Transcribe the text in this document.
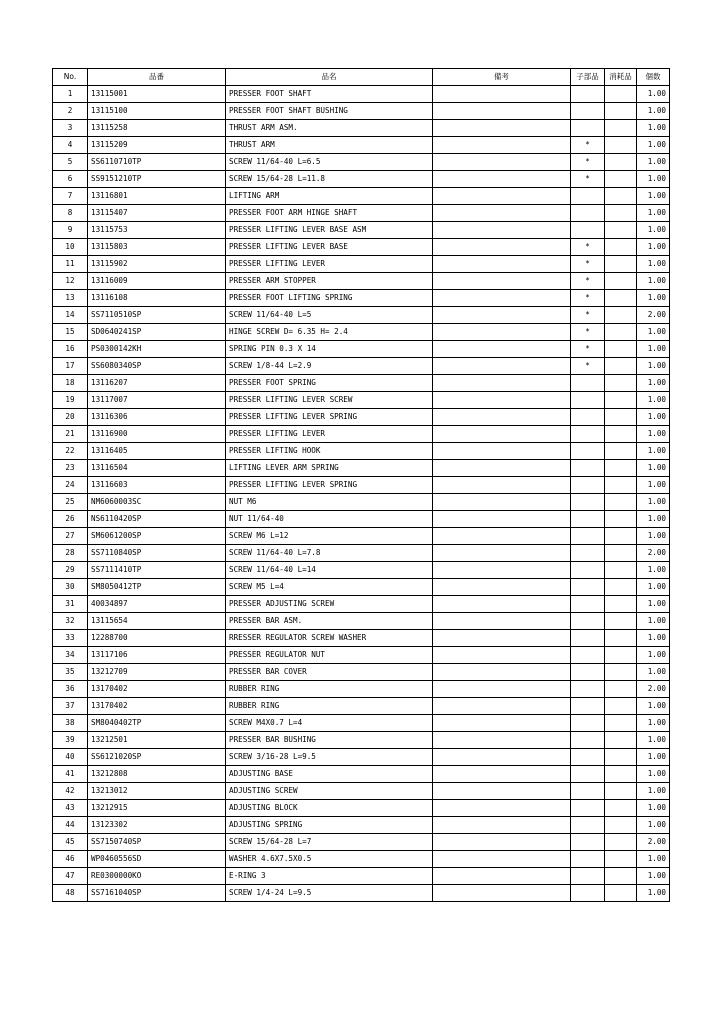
No.	品番	品名	備考	子部品	消耗品	個数
1	13115001	PRESSER FOOT SHAFT				1.00
2	13115100	PRESSER FOOT SHAFT BUSHING				1.00
3	13115258	THRUST ARM ASM.				1.00
4	13115209	THRUST ARM		*		1.00
5	SS6110710TP	SCREW 11/64-40 L=6.5		*		1.00
6	SS9151210TP	SCREW 15/64-28 L=11.8		*		1.00
7	13116801	LIFTING ARM				1.00
8	13115407	PRESSER FOOT ARM HINGE SHAFT				1.00
9	13115753	PRESSER LIFTING LEVER BASE ASM				1.00
10	13115803	PRESSER LIFTING LEVER BASE		*		1.00
11	13115902	PRESSER LIFTING LEVER		*		1.00
12	13116009	PRESSER ARM STOPPER		*		1.00
13	13116108	PRESSER FOOT LIFTING SPRING		*		1.00
14	SS7110510SP	SCREW 11/64-40 L=5		*		2.00
15	SD0640241SP	HINGE SCREW D= 6.35 H= 2.4		*		1.00
16	PS0300142KH	SPRING PIN 0.3 X 14		*		1.00
17	SS6080340SP	SCREW 1/8-44 L=2.9		*		1.00
18	13116207	PRESSER FOOT SPRING				1.00
19	13117007	PRESSER LIFTING LEVER SCREW				1.00
20	13116306	PRESSER LIFTING LEVER SPRING				1.00
21	13116900	PRESSER LIFTING LEVER				1.00
22	13116405	PRESSER LIFTING HOOK				1.00
23	13116504	LIFTING LEVER ARM SPRING				1.00
24	13116603	PRESSER LIFTING LEVER SPRING				1.00
25	NM6060003SC	NUT M6				1.00
26	NS6110420SP	NUT 11/64-40				1.00
27	SM6061200SP	SCREW M6 L=12				1.00
28	SS7110840SP	SCREW 11/64-40 L=7.8				2.00
29	SS7111410TP	SCREW 11/64-40 L=14				1.00
30	SM8050412TP	SCREW M5 L=4				1.00
31	40034897	PRESSER ADJUSTING SCREW				1.00
32	13115654	PRESSER BAR ASM.				1.00
33	12288700	RRESSER REGULATOR SCREW WASHER				1.00
34	13117106	PRESSER REGULATOR NUT				1.00
35	13212709	PRESSER BAR COVER				1.00
36	13170402	RUBBER RING				2.00
37	13170402	RUBBER RING				1.00
38	SM8040402TP	SCREW M4X0.7 L=4				1.00
39	13212501	PRESSER BAR BUSHING				1.00
40	SS6121020SP	SCREW 3/16-28 L=9.5				1.00
41	13212808	ADJUSTING BASE				1.00
42	13213012	ADJUSTING SCREW				1.00
43	13212915	ADJUSTING BLOCK				1.00
44	13123302	ADJUSTING SPRING				1.00
45	SS7150740SP	SCREW 15/64-28 L=7				2.00
46	WP0460556SD	WASHER 4.6X7.5X0.5				1.00
47	RE0300000KO	E-RING 3				1.00
48	SS7161040SP	SCREW 1/4-24 L=9.5				1.00
